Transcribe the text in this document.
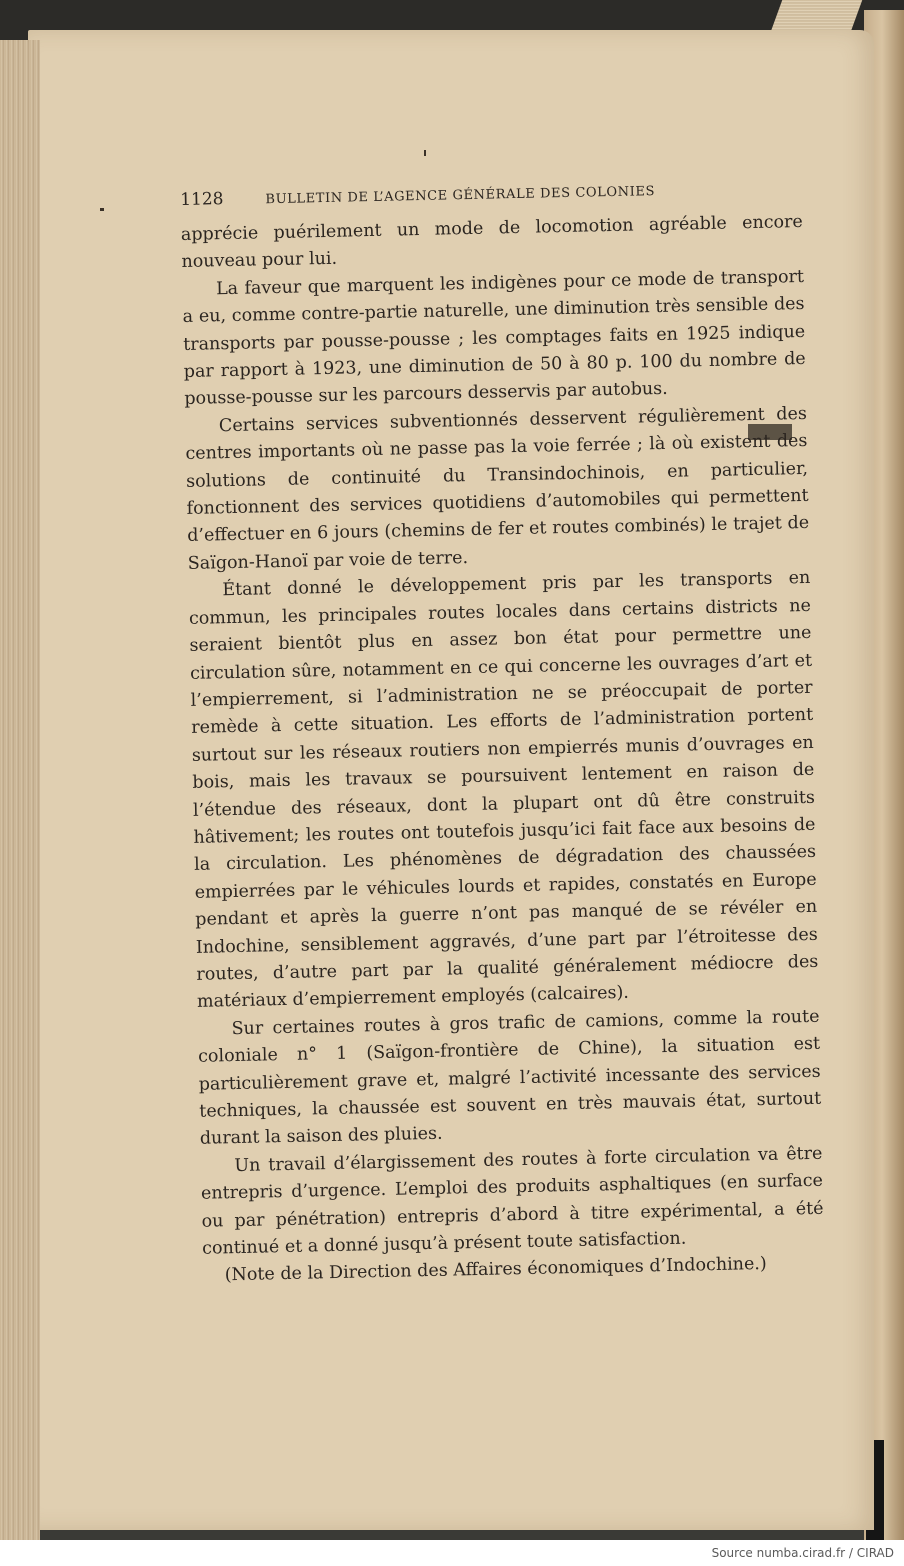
1128	BULLETIN DE L’AGENCE GÉNÉRALE DES COLONIES

apprécie puérilement un mode de locomotion agréable encore nouveau pour lui.

La faveur que marquent les indigènes pour ce mode de transport a eu, comme contre-partie naturelle, une diminution très sensible des transports par pousse-pousse ; les comptages faits en 1925 indique par rapport à 1923, une diminution de 50 à 80 p. 100 du nombre de pousse-pousse sur les parcours desservis par autobus.

Certains services subventionnés desservent régulièrement des centres importants où ne passe pas la voie ferrée ; là où existent des solutions de continuité du Transindochinois, en particulier, fonctionnent des services quotidiens d’automobiles qui permettent d’effectuer en 6 jours (chemins de fer et routes combinés) le trajet de Saïgon-Hanoï par voie de terre.

Étant donné le développement pris par les transports en commun, les principales routes locales dans certains districts ne seraient bientôt plus en assez bon état pour permettre une circulation sûre, notamment en ce qui concerne les ouvrages d’art et l’empierrement, si l’administration ne se préoccupait de porter remède à cette situation. Les efforts de l’administration portent surtout sur les réseaux routiers non empierrés munis d’ouvrages en bois, mais les travaux se poursuivent lentement en raison de l’étendue des réseaux, dont la plupart ont dû être construits hâtivement; les routes ont toutefois jusqu’ici fait face aux besoins de la circulation. Les phénomènes de dégradation des chaussées empierrées par le véhicules lourds et rapides, constatés en Europe pendant et après la guerre n’ont pas manqué de se révéler en Indochine, sensiblement aggravés, d’une part par l’étroitesse des routes, d’autre part par la qualité généralement médiocre des matériaux d’empierrement employés (calcaires).

Sur certaines routes à gros trafic de camions, comme la route coloniale n° 1 (Saïgon-frontière de Chine), la situation est particulièrement grave et, malgré l’activité incessante des services techniques, la chaussée est souvent en très mauvais état, surtout durant la saison des pluies.

Un travail d’élargissement des routes à forte circulation va être entrepris d’urgence. L’emploi des produits asphaltiques (en surface ou par pénétration) entrepris d’abord à titre expérimental, a été continué et a donné jusqu’à présent toute satisfaction.

(Note de la Direction des Affaires économiques d’Indochine.)

Source numba.cirad.fr / CIRAD
